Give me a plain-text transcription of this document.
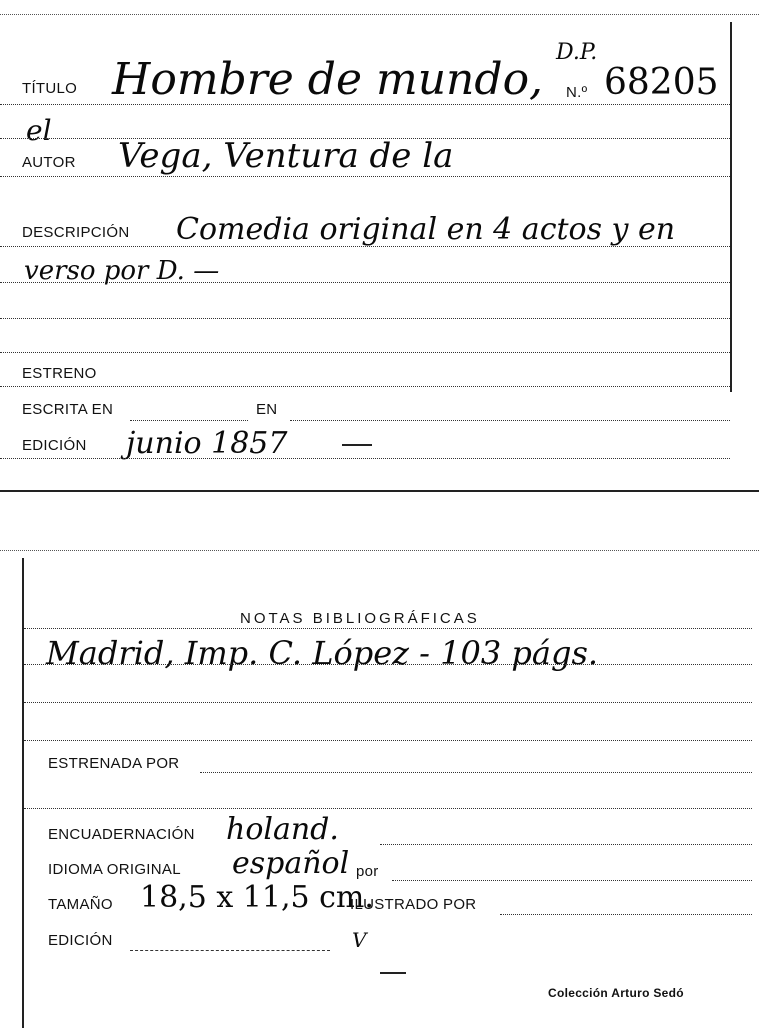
TÍTULO Hombre de mundo,
D.P.
N.º 68205
el
AUTOR Vega, Ventura de la
DESCRIPCIÓN Comedia original en 4 actos y en
verso por D. —
ESTRENO
ESCRITA EN	EN
EDICIÓN junio 1857
NOTAS BIBLIOGRÁFICAS
Madrid, Imp. C. López - 103 págs.
ESTRENADA POR
ENCUADERNACIÓN holand.
IDIOMA ORIGINAL español por
TAMAÑO 18,5 x 11,5 cm.
ILUSTRADO POR
EDICIÓN	V
Colección Arturo Sedó
